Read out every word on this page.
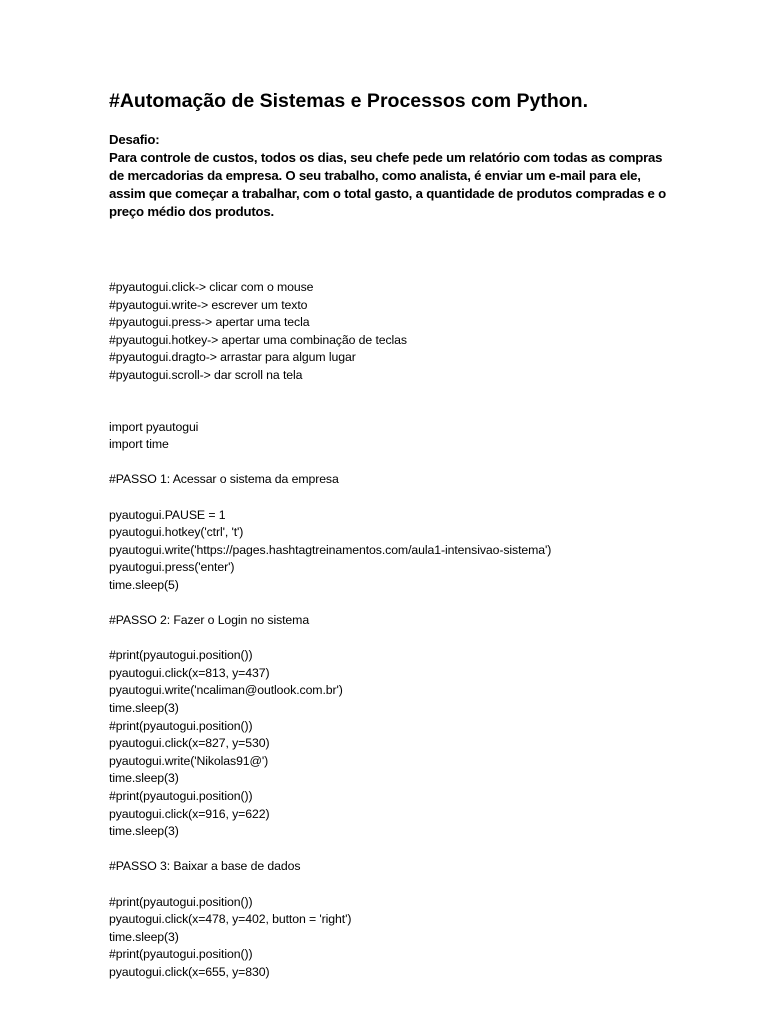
#Automação de Sistemas e Processos com Python.
Desafio:
Para controle de custos, todos os dias, seu chefe pede um relatório com todas as compras de mercadorias da empresa. O seu trabalho, como analista, é enviar um e-mail para ele, assim que começar a trabalhar, com o total gasto, a quantidade de produtos compradas e o preço médio dos produtos.
#pyautogui.click-> clicar com o mouse
#pyautogui.write-> escrever um texto
#pyautogui.press-> apertar uma tecla
#pyautogui.hotkey-> apertar uma combinação de teclas
#pyautogui.dragto-> arrastar para algum lugar
#pyautogui.scroll-> dar scroll na tela
import pyautogui
import time
#PASSO 1: Acessar o sistema da empresa
pyautogui.PAUSE = 1
pyautogui.hotkey('ctrl', 't')
pyautogui.write('https://pages.hashtagtreinamentos.com/aula1-intensivao-sistema')
pyautogui.press('enter')
time.sleep(5)
#PASSO 2: Fazer o Login no sistema
#print(pyautogui.position())
pyautogui.click(x=813, y=437)
pyautogui.write('ncaliman@outlook.com.br')
time.sleep(3)
#print(pyautogui.position())
pyautogui.click(x=827, y=530)
pyautogui.write('Nikolas91@')
time.sleep(3)
#print(pyautogui.position())
pyautogui.click(x=916, y=622)
time.sleep(3)
#PASSO 3: Baixar a base de dados
#print(pyautogui.position())
pyautogui.click(x=478, y=402, button = 'right')
time.sleep(3)
#print(pyautogui.position())
pyautogui.click(x=655, y=830)
